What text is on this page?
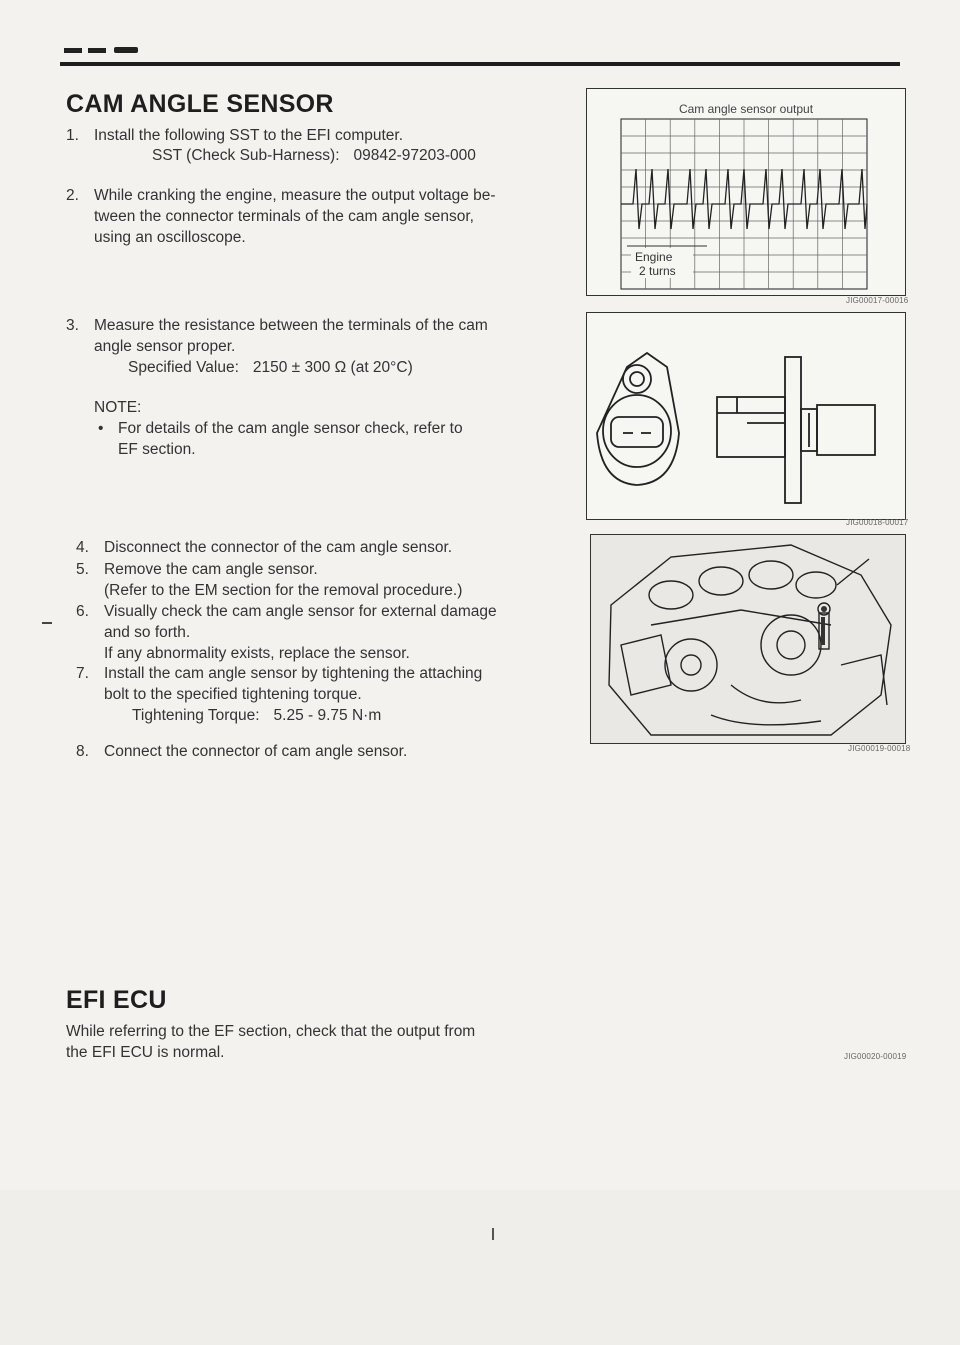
CAM ANGLE SENSOR
1. Install the following SST to the EFI computer.
SST (Check Sub-Harness): 09842-97203-000
2. While cranking the engine, measure the output voltage be-
tween the connector terminals of the cam angle sensor,
using an oscilloscope.
Cam angle sensor output
Engine
2 turns
JIG00017-00016
3. Measure the resistance between the terminals of the cam
angle sensor proper.
Specified Value: 2150 ± 300 Ω (at 20°C)
NOTE:
• For details of the cam angle sensor check, refer to
EF section.
JIG00018-00017
4. Disconnect the connector of the cam angle sensor.
5. Remove the cam angle sensor.
(Refer to the EM section for the removal procedure.)
6. Visually check the cam angle sensor for external damage
and so forth.
If any abnormality exists, replace the sensor.
7. Install the cam angle sensor by tightening the attaching
bolt to the specified tightening torque.
Tightening Torque: 5.25 - 9.75 N·m
8. Connect the connector of cam angle sensor.	JIG00019-00018
EFI ECU
While referring to the EF section, check that the output from
the EFI ECU is normal.	JIG00020-00019
